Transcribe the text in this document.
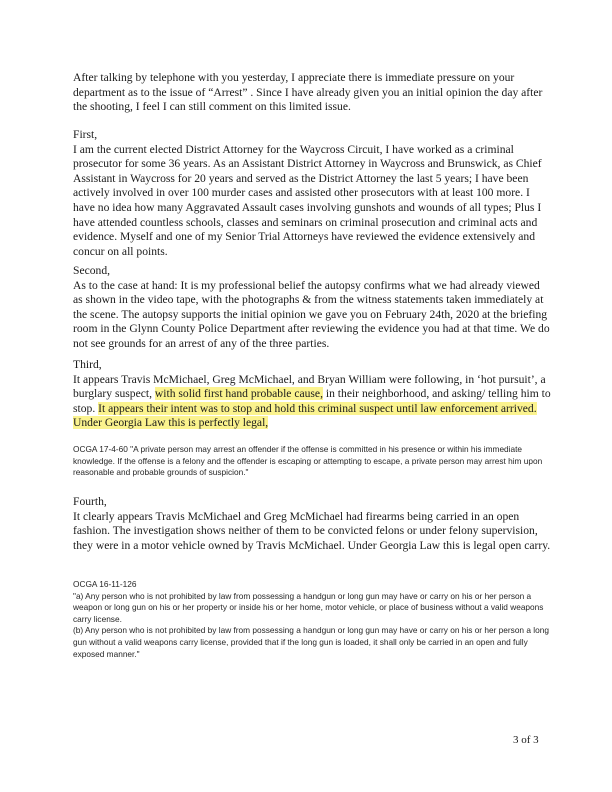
After talking by telephone with you yesterday, I appreciate there is immediate pressure on your department as to the issue of “Arrest” . Since I have already given you an initial opinion the day after the shooting, I feel I can still comment on this limited issue.

First,

I am the current elected District Attorney for the Waycross Circuit, I have worked as a criminal prosecutor for some 36 years. As an Assistant District Attorney in Waycross and Brunswick, as Chief Assistant in Waycross for 20 years and served as the District Attorney the last 5 years; I have been actively involved in over 100 murder cases and assisted other prosecutors with at least 100 more. I have no idea how many Aggravated Assault cases involving gunshots and wounds of all types; Plus I have attended countless schools, classes and seminars on criminal prosecution and criminal acts and evidence. Myself and one of my Senior Trial Attorneys have reviewed the evidence extensively and concur on all points.

Second,

As to the case at hand: It is my professional belief the autopsy confirms what we had already viewed as shown in the video tape, with the photographs & from the witness statements taken immediately at the scene. The autopsy supports the initial opinion we gave you on February 24th, 2020 at the briefing room in the Glynn County Police Department after reviewing the evidence you had at that time. We do not see grounds for an arrest of any of the three parties.

Third,

It appears Travis McMichael, Greg McMichael, and Bryan William were following, in ‘hot pursuit’, a burglary suspect, with solid first hand probable cause, in their neighborhood, and asking/ telling him to stop. It appears their intent was to stop and hold this criminal suspect until law enforcement arrived. Under Georgia Law this is perfectly legal,

OCGA 17-4-60 "A private person may arrest an offender if the offense is committed in his presence or within his immediate knowledge. If the offense is a felony and the offender is escaping or attempting to escape, a private person may arrest him upon reasonable and probable grounds of suspicion."

Fourth,

It clearly appears Travis McMichael and Greg McMichael had firearms being carried in an open fashion. The investigation shows neither of them to be convicted felons or under felony supervision, they were in a motor vehicle owned by Travis McMichael. Under Georgia Law this is legal open carry.

OCGA 16-11-126

"a) Any person who is not prohibited by law from possessing a handgun or long gun may have or carry on his or her person a weapon or long gun on his or her property or inside his or her home, motor vehicle, or place of business without a valid weapons carry license.

(b) Any person who is not prohibited by law from possessing a handgun or long gun may have or carry on his or her person a long gun without a valid weapons carry license, provided that if the long gun is loaded, it shall only be carried in an open and fully exposed manner."

3 of 3
